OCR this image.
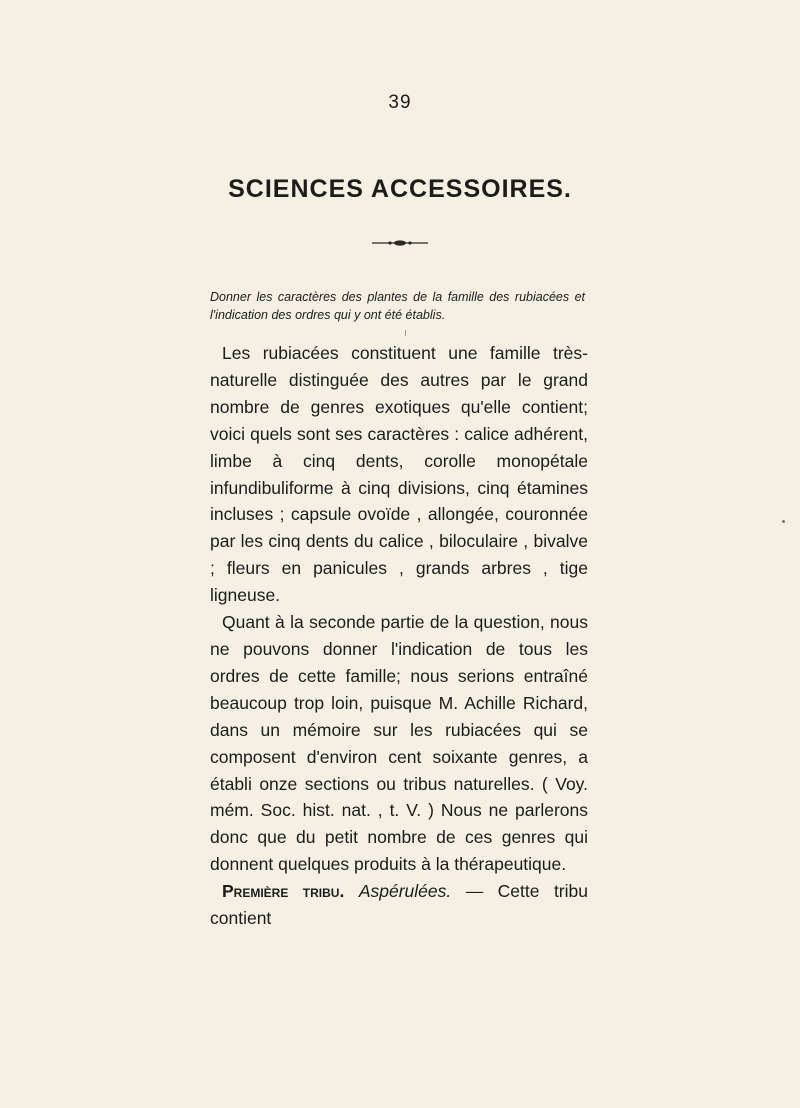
39
SCIENCES ACCESSOIRES.
Donner les caractères des plantes de la famille des rubiacées et l'indication des ordres qui y ont été établis.

Les rubiacées constituent une famille très-naturelle distinguée des autres par le grand nombre de genres exotiques qu'elle contient; voici quels sont ses caractères : calice adhérent, limbe à cinq dents, corolle monopétale infundibuliforme à cinq divisions, cinq étamines incluses ; capsule ovoïde , allongée, couronnée par les cinq dents du calice , biloculaire , bivalve ; fleurs en panicules , grands arbres , tige ligneuse.

Quant à la seconde partie de la question, nous ne pouvons donner l'indication de tous les ordres de cette famille; nous serions entraîné beaucoup trop loin, puisque M. Achille Richard, dans un mémoire sur les rubiacées qui se composent d'environ cent soixante genres, a établi onze sections ou tribus naturelles. ( Voy. mém. Soc. hist. nat. , t. V. ) Nous ne parlerons donc que du petit nombre de ces genres qui donnent quelques produits à la thérapeutique.

Première tribu. Aspérulées. — Cette tribu contient
